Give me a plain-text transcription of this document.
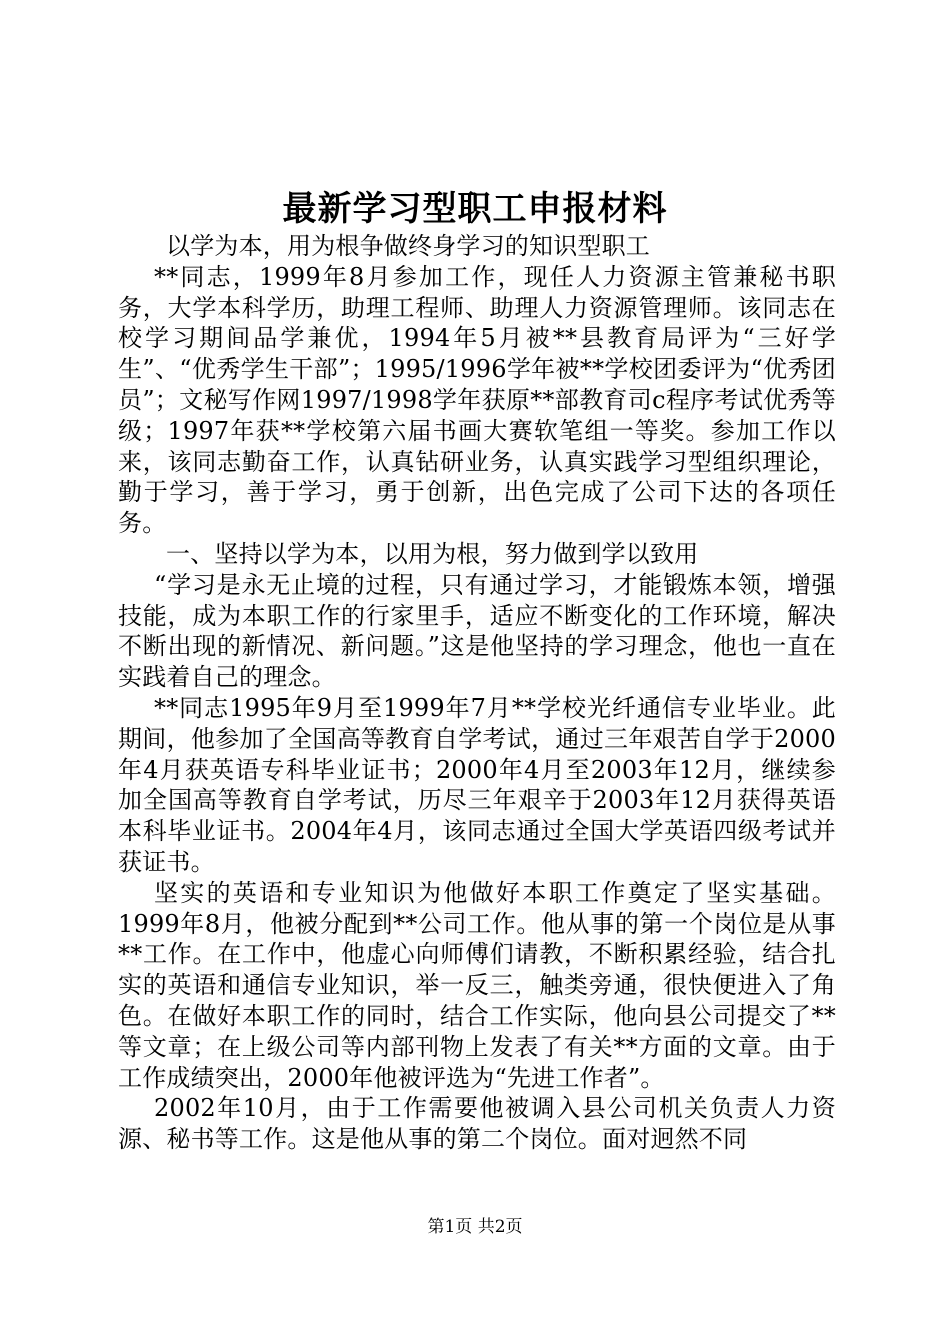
最新学习型职工申报材料

以学为本，用为根争做终身学习的知识型职工

**同志，1999年8月参加工作，现任人力资源主管兼秘书职务，大学本科学历，助理工程师、助理人力资源管理师。该同志在校学习期间品学兼优，1994年5月被**县教育局评为“三好学生”、“优秀学生干部”；1995/1996学年被**学校团委评为“优秀团员”；文秘写作网1997/1998学年获原**部教育司c程序考试优秀等级；1997年获**学校第六届书画大赛软笔组一等奖。参加工作以来，该同志勤奋工作，认真钻研业务，认真实践学习型组织理论，勤于学习，善于学习，勇于创新，出色完成了公司下达的各项任务。

一、坚持以学为本，以用为根，努力做到学以致用

“学习是永无止境的过程，只有通过学习，才能锻炼本领，增强技能，成为本职工作的行家里手，适应不断变化的工作环境，解决不断出现的新情况、新问题。”这是他坚持的学习理念，他也一直在实践着自己的理念。

**同志1995年9月至1999年7月**学校光纤通信专业毕业。此期间，他参加了全国高等教育自学考试，通过三年艰苦自学于2000年4月获英语专科毕业证书；2000年4月至2003年12月，继续参加全国高等教育自学考试，历尽三年艰辛于2003年12月获得英语本科毕业证书。2004年4月，该同志通过全国大学英语四级考试并获证书。

坚实的英语和专业知识为他做好本职工作奠定了坚实基础。1999年8月，他被分配到**公司工作。他从事的第一个岗位是从事**工作。在工作中，他虚心向师傅们请教，不断积累经验，结合扎实的英语和通信专业知识，举一反三，触类旁通，很快便进入了角色。在做好本职工作的同时，结合工作实际，他向县公司提交了**等文章；在上级公司等内部刊物上发表了有关**方面的文章。由于工作成绩突出，2000年他被评选为“先进工作者”。

2002年10月，由于工作需要他被调入县公司机关负责人力资源、秘书等工作。这是他从事的第二个岗位。面对迥然不同

第1页 共2页
